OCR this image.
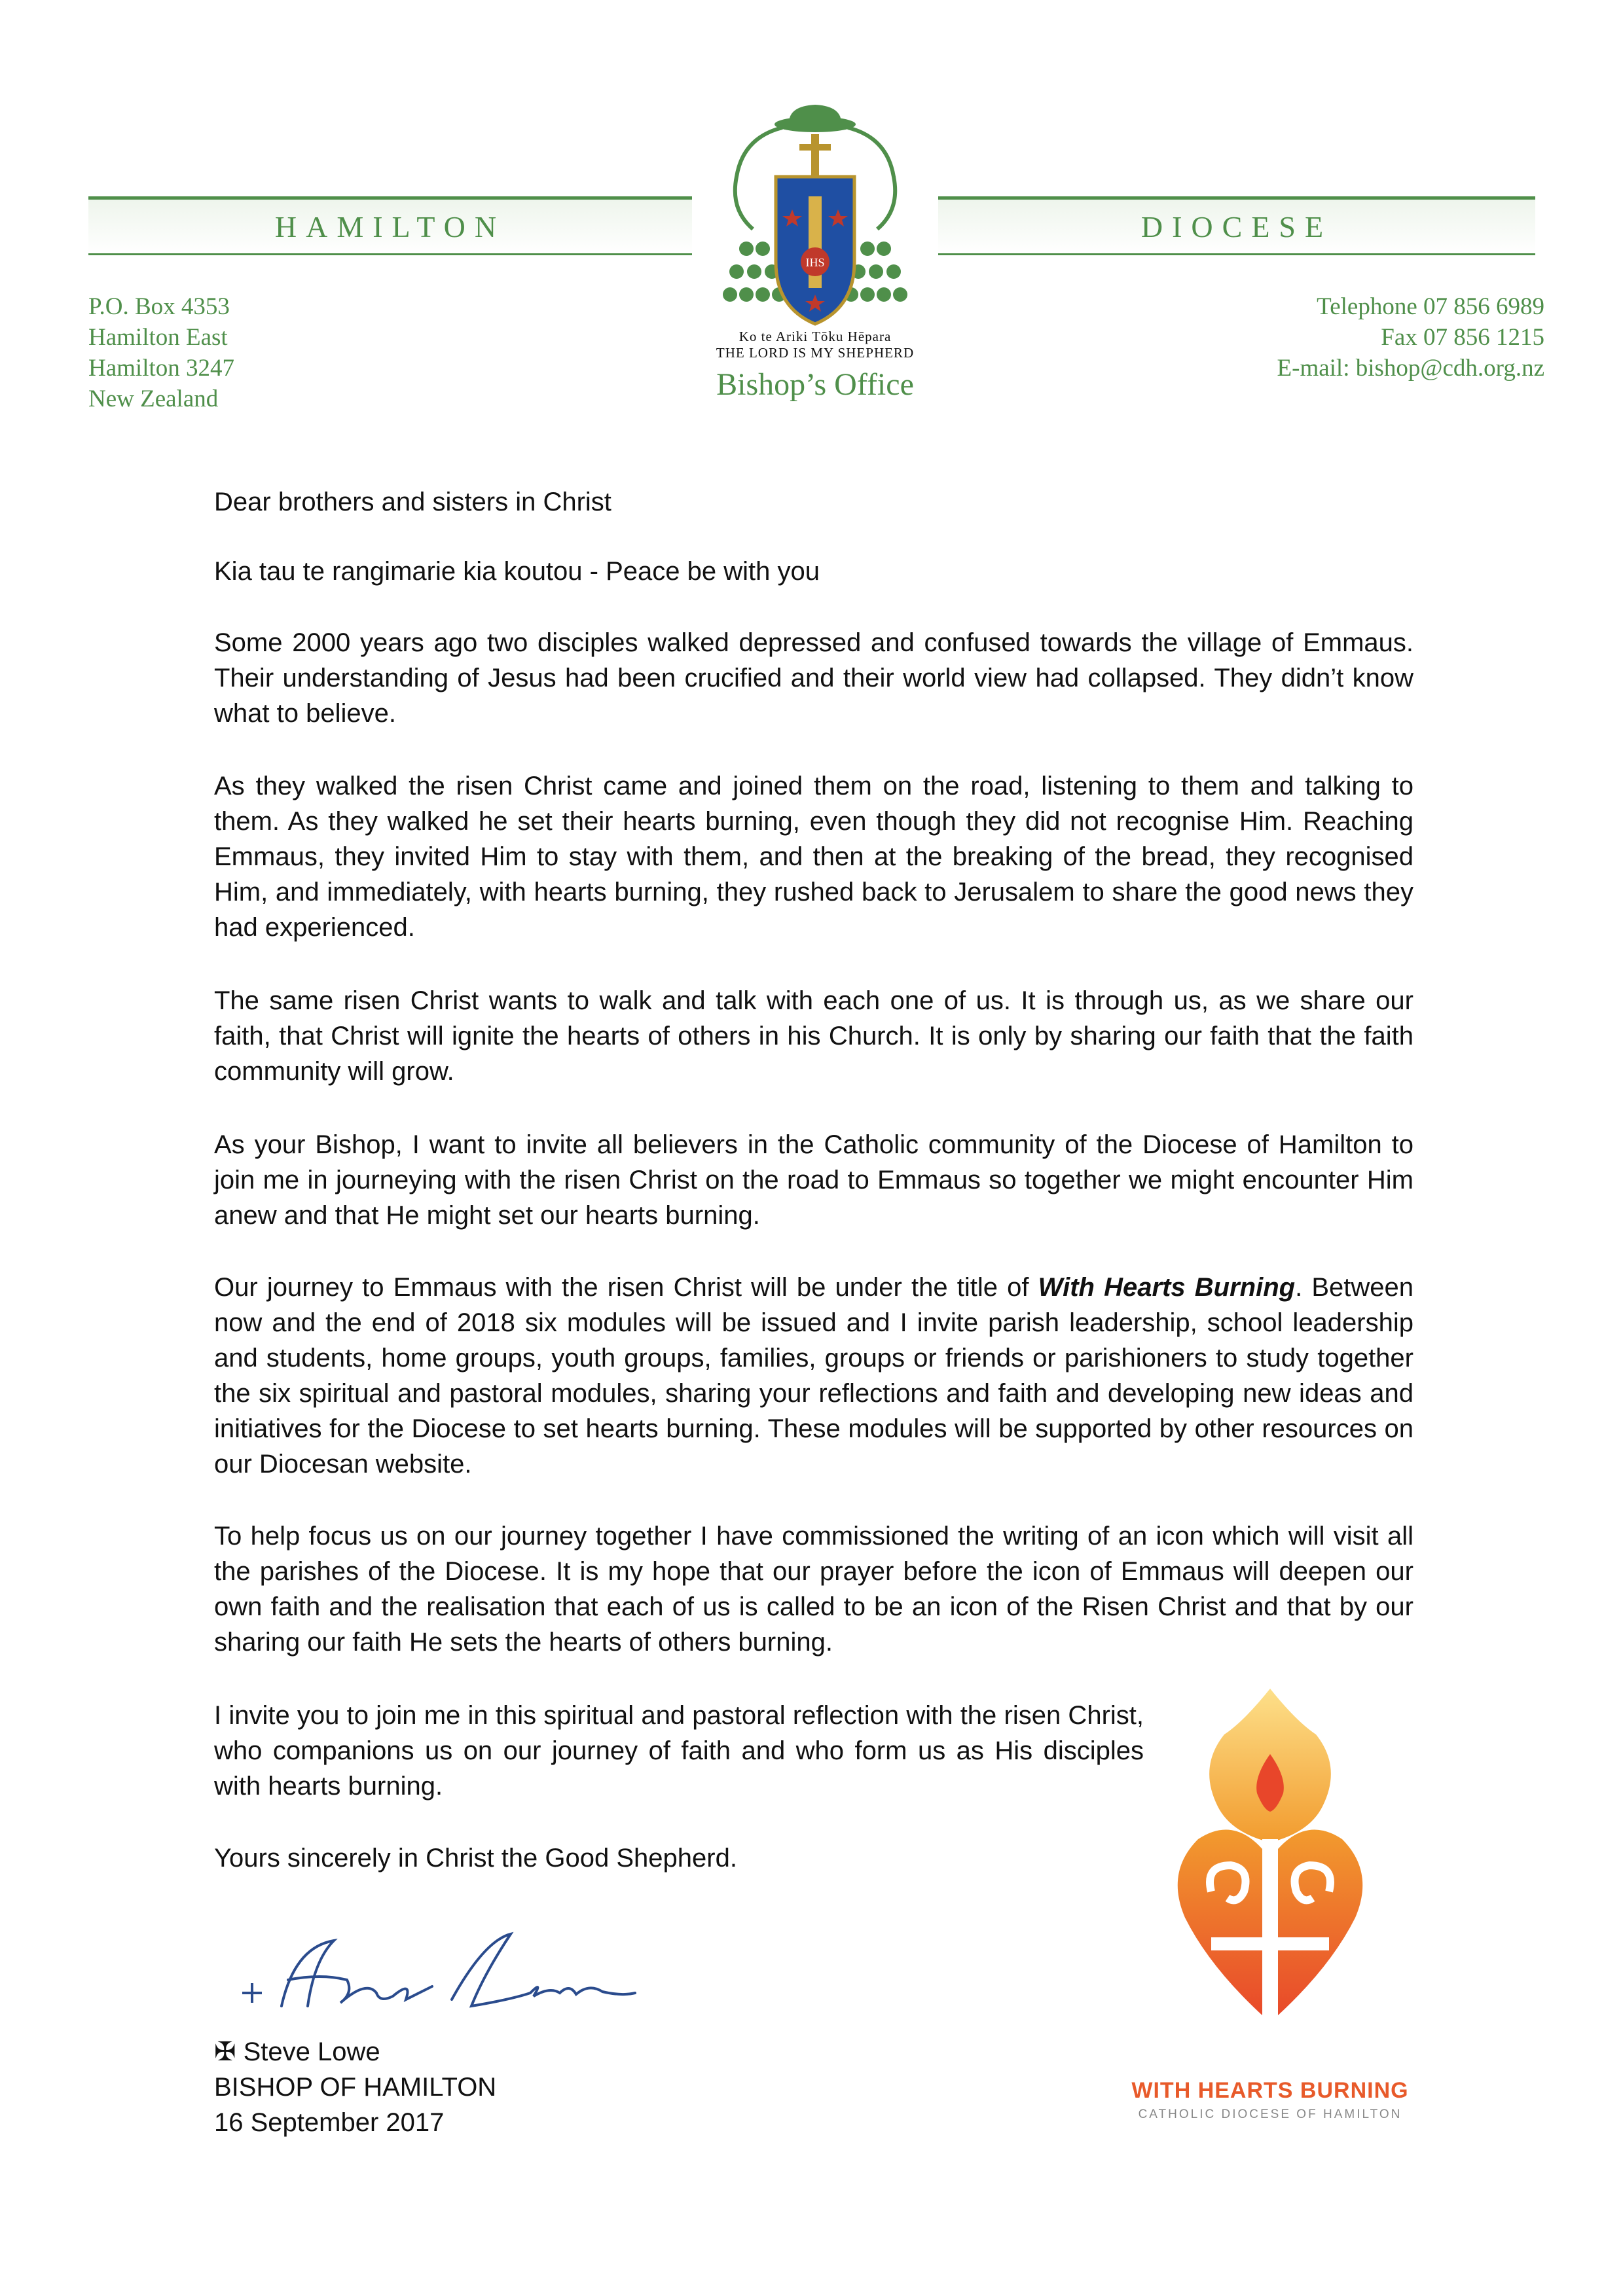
HAMILTON	DIOCESE
P.O. Box 4353
Hamilton East
Hamilton 3247
New Zealand
Telephone 07 856 6989
Fax 07 856 1215
E-mail: bishop@cdh.org.nz
IHS
Ko te Ariki Tōku Hēpara
THE LORD IS MY SHEPHERD
Bishop’s Office

Dear brothers and sisters in Christ

Kia tau te rangimarie kia koutou - Peace be with you

Some 2000 years ago two disciples walked depressed and confused towards the village of Emmaus. Their understanding of Jesus had been crucified and their world view had collapsed. They didn’t know what to believe.

As they walked the risen Christ came and joined them on the road, listening to them and talking to them. As they walked he set their hearts burning, even though they did not recognise Him. Reaching Emmaus, they invited Him to stay with them, and then at the breaking of the bread, they recognised Him, and immediately, with hearts burning, they rushed back to Jerusalem to share the good news they had experienced.

The same risen Christ wants to walk and talk with each one of us. It is through us, as we share our faith, that Christ will ignite the hearts of others in his Church. It is only by sharing our faith that the faith community will grow.

As your Bishop, I want to invite all believers in the Catholic community of the Diocese of Hamilton to join me in journeying with the risen Christ on the road to Emmaus so together we might encounter Him anew and that He might set our hearts burning.

Our journey to Emmaus with the risen Christ will be under the title of With Hearts Burning. Between now and the end of 2018 six modules will be issued and I invite parish leadership, school leadership and students, home groups, youth groups, families, groups or friends or parishioners to study together the six spiritual and pastoral modules, sharing your reflections and faith and developing new ideas and initiatives for the Diocese to set hearts burning. These modules will be supported by other resources on our Diocesan website.

To help focus us on our journey together I have commissioned the writing of an icon which will visit all the parishes of the Diocese. It is my hope that our prayer before the icon of Emmaus will deepen our own faith and the realisation that each of us is called to be an icon of the Risen Christ and that by our sharing our faith He sets the hearts of others burning.

I invite you to join me in this spiritual and pastoral reflection with the risen Christ, who companions us on our journey of faith and who form us as His disciples with hearts burning.

Yours sincerely in Christ the Good Shepherd.

✠ Steve Lowe
BISHOP OF HAMILTON
16 September 2017
WITH HEARTS BURNING
CATHOLIC DIOCESE OF HAMILTON
